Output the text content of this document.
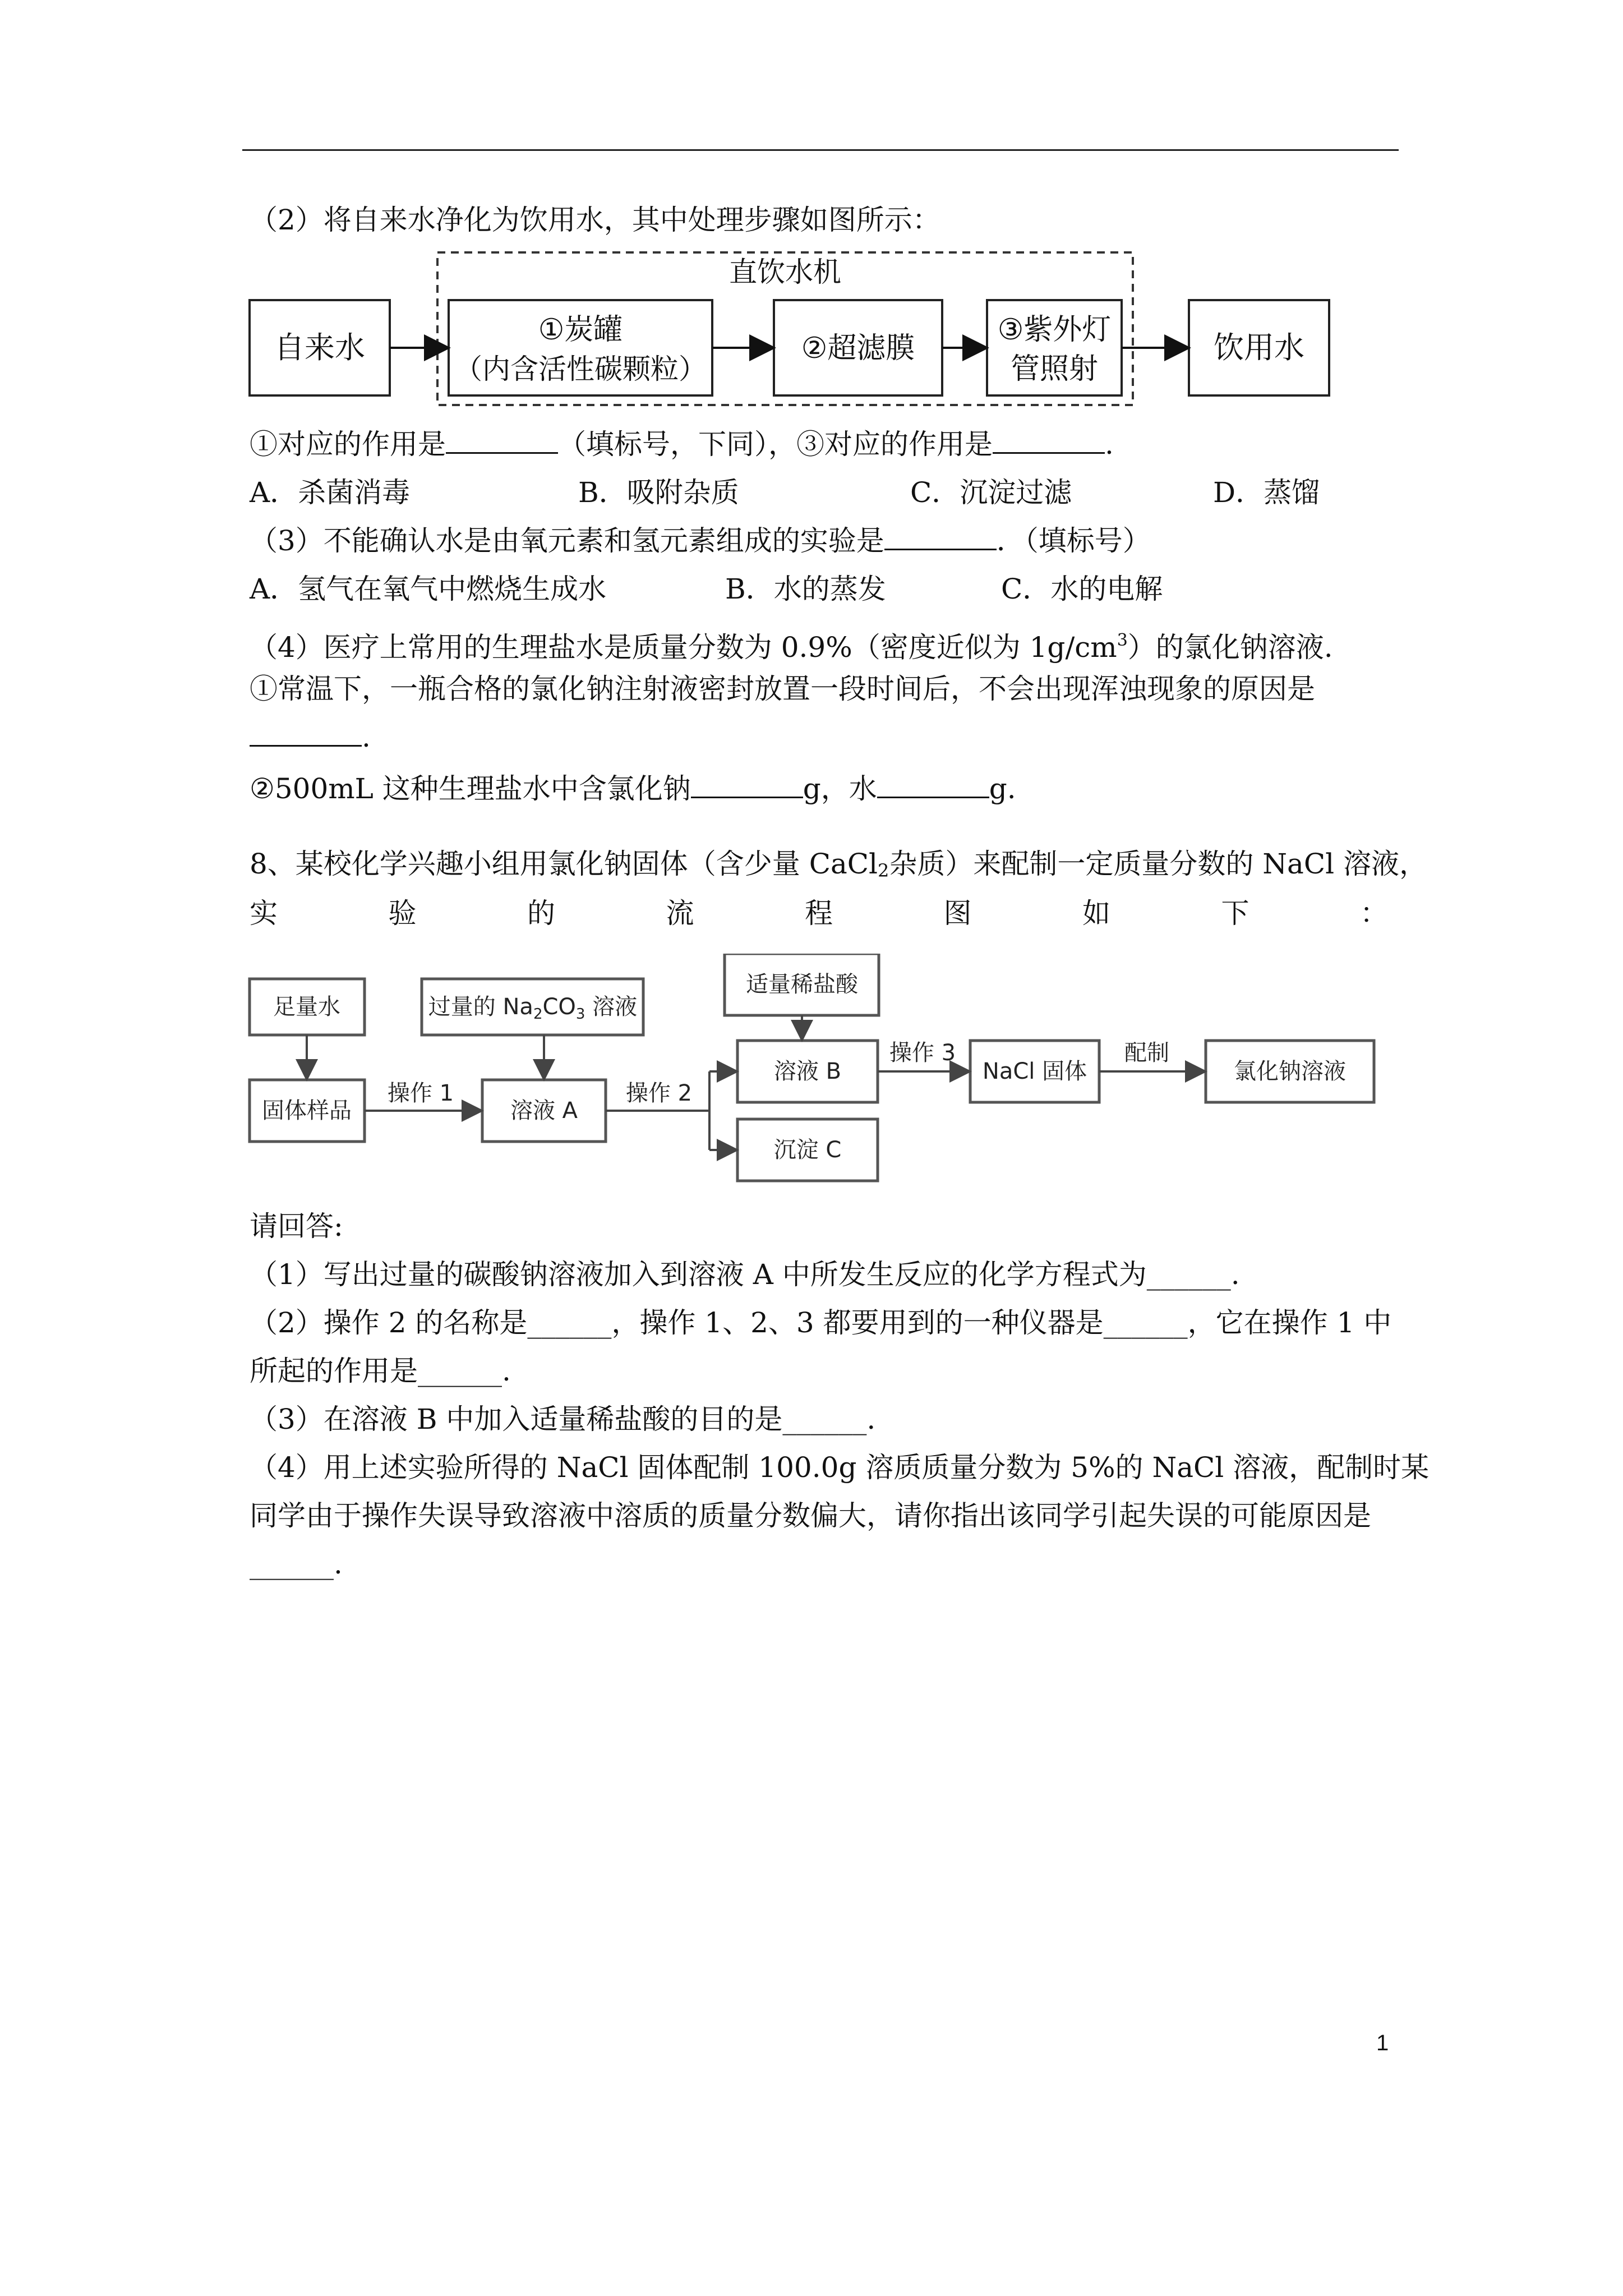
（2）将自来水净化为饮用水，其中处理步骤如图所示：
直饮水机
自来水	①炭罐
（内含活性碳颗粒）
②超滤膜
③紫外灯
管照射
饮用水
①对应的作用是	（填标号，下同），③对应的作用是	.
A．杀菌消毒	B．吸附杂质	C．沉淀过滤	D．蒸馏
（3）不能确认水是由氧元素和氢元素组成的实验是	．（填标号）
A．氢气在氧气中燃烧生成水	B．水的蒸发	C．水的电解
（4）医疗上常用的生理盐水是质量分数为 0.9%（密度近似为 $1g/cm^3$）的氯化钠溶液.
①常温下，一瓶合格的氯化钠注射液密封放置一段时间后，不会出现浑浊现象的原因是
.
②500mL 这种生理盐水中含氯化钠	g，水	g.
8、某校化学兴趣小组用氯化钠固体（含少量 CaCl2杂质）来配制一定质量分数的 NaCl 溶液，
实	验	的	流	程	图	如	下	：
足量水	过量的 $Na_2CO_3$ 溶液
适量稀盐酸
固体样品	溶液 A
溶液 B
沉淀 C
NaCl 固体	氯化钠溶液
操作 1	操作 2
操作 3	配制
请回答:
（1）写出过量的碳酸钠溶液加入到溶液 A 中所发生反应的化学方程式为______.
（2）操作 2 的名称是______，操作 1、2、3 都要用到的一种仪器是______，它在操作 1 中
所起的作用是______.
（3）在溶液 B 中加入适量稀盐酸的目的是______.
（4）用上述实验所得的 NaCl 固体配制 100.0g 溶质质量分数为 5%的 NaCl 溶液，配制时某
同学由于操作失误导致溶液中溶质的质量分数偏大，请你指出该同学引起失误的可能原因是
______.
1
